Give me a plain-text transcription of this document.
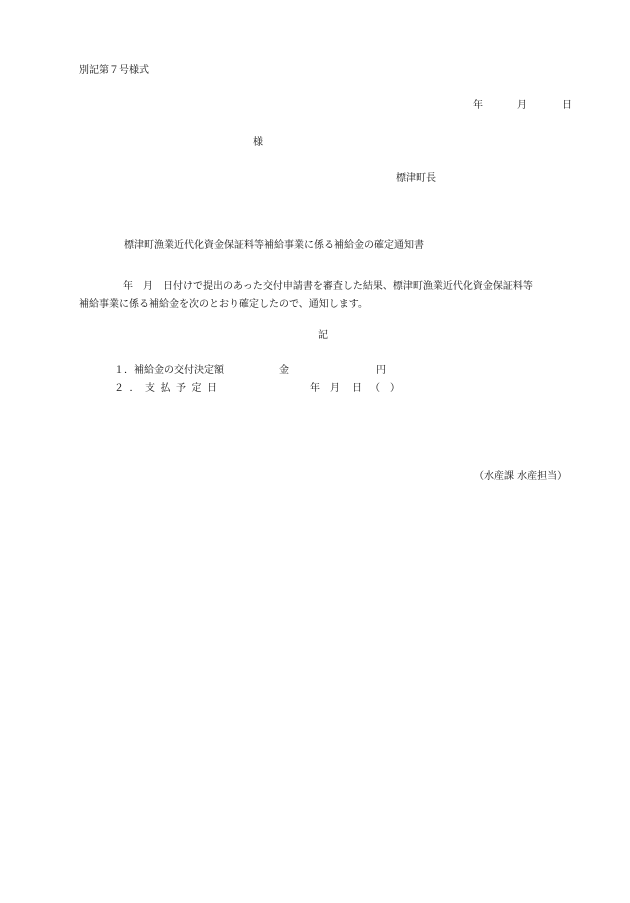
別記第７号様式
年	月	日
様
標津町長
標津町漁業近代化資金保証料等補給事業に係る補給金の確定通知書
年　月　日付けで提出のあった交付申請書を審査した結果、標津町漁業近代化資金保証料等
補給事業に係る補給金を次のとおり確定したので、通知します。
記
１．補給金の交付決定額	金	円
２．支払予定日	年 月 日 （　）
（水産課 水産担当）
